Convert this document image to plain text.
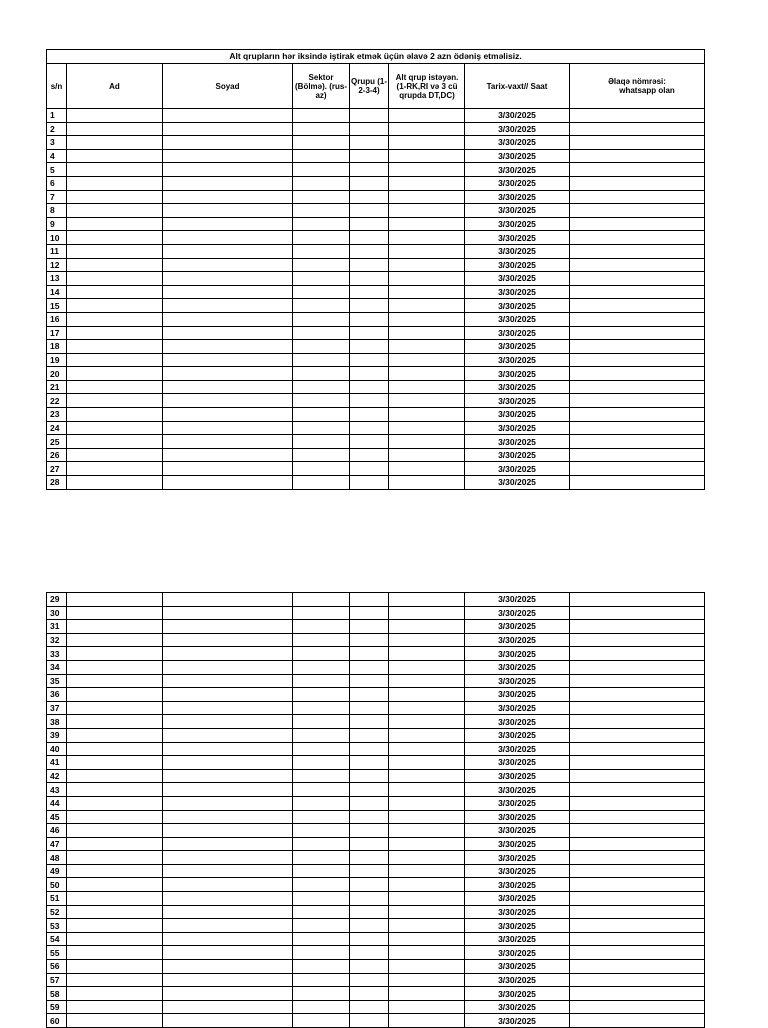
Alt qrupların hər iksində iştirak etmək üçün əlavə 2 azn ödəniş etməlisiz.							
s/n	Ad	Soyad	Sektor (Bölmə). (rus-az)	Qrupu (1-2-3-4)	Alt qrup istəyən. (1-RK,RI və 3 cü qrupda DT,DC)	Tarix-vaxt// Saat	Əlaqə nömrəsi:
whatsapp olan

1						3/30/2025	
2						3/30/2025	
3						3/30/2025	
4						3/30/2025	
5						3/30/2025	
6						3/30/2025	
7						3/30/2025	
8						3/30/2025	
9						3/30/2025	
10						3/30/2025	
11						3/30/2025	
12						3/30/2025	
13						3/30/2025	
14						3/30/2025	
15						3/30/2025	
16						3/30/2025	
17						3/30/2025	
18						3/30/2025	
19						3/30/2025	
20						3/30/2025	
21						3/30/2025	
22						3/30/2025	
23						3/30/2025	
24						3/30/2025	
25						3/30/2025	
26						3/30/2025	
27						3/30/2025	
28						3/30/2025	
29						3/30/2025	
30						3/30/2025	
31						3/30/2025	
32						3/30/2025	
33						3/30/2025	
34						3/30/2025	
35						3/30/2025	
36						3/30/2025	
37						3/30/2025	
38						3/30/2025	
39						3/30/2025	
40						3/30/2025	
41						3/30/2025	
42						3/30/2025	
43						3/30/2025	
44						3/30/2025	
45						3/30/2025	
46						3/30/2025	
47						3/30/2025	
48						3/30/2025	
49						3/30/2025	
50						3/30/2025	
51						3/30/2025	
52						3/30/2025	
53						3/30/2025	
54						3/30/2025	
55						3/30/2025	
56						3/30/2025	
57						3/30/2025	
58						3/30/2025	
59						3/30/2025	
60						3/30/2025	
